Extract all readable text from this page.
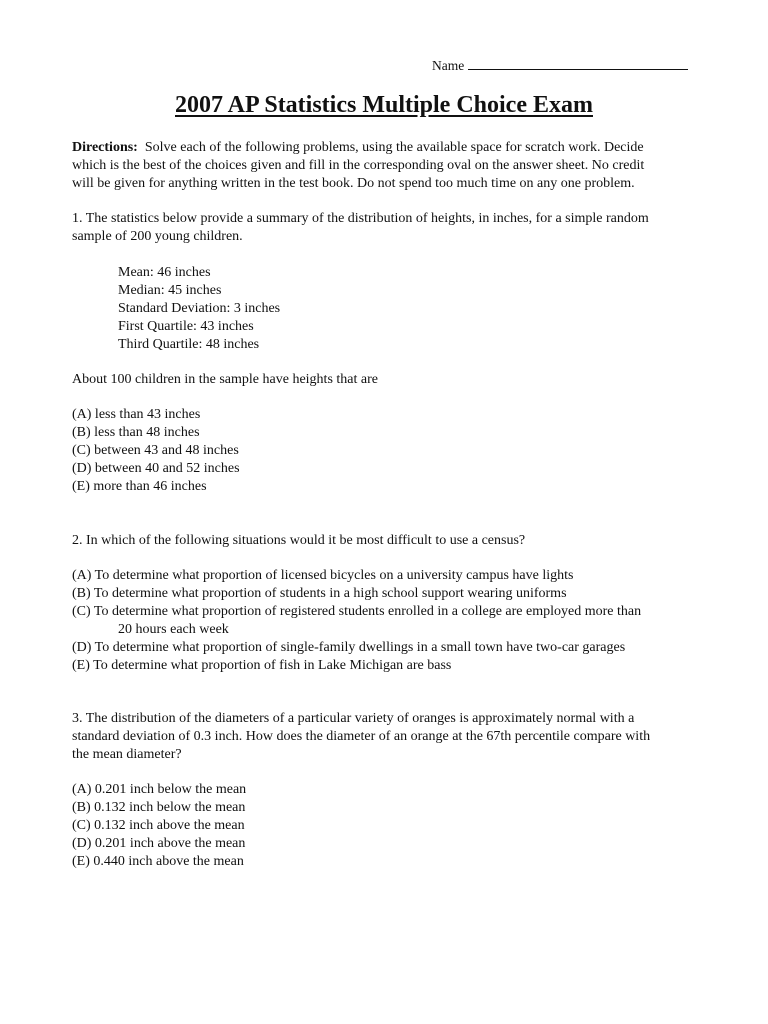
Name
2007 AP Statistics Multiple Choice Exam
Directions: Solve each of the following problems, using the available space for scratch work. Decide
which is the best of the choices given and fill in the corresponding oval on the answer sheet. No credit
will be given for anything written in the test book. Do not spend too much time on any one problem.
1. The statistics below provide a summary of the distribution of heights, in inches, for a simple random
sample of 200 young children.
Mean: 46 inches
Median: 45 inches
Standard Deviation: 3 inches
First Quartile: 43 inches
Third Quartile: 48 inches
About 100 children in the sample have heights that are
(A) less than 43 inches
(B) less than 48 inches
(C) between 43 and 48 inches
(D) between 40 and 52 inches
(E) more than 46 inches
2. In which of the following situations would it be most difficult to use a census?
(A) To determine what proportion of licensed bicycles on a university campus have lights
(B) To determine what proportion of students in a high school support wearing uniforms
(C) To determine what proportion of registered students enrolled in a college are employed more than
20 hours each week
(D) To determine what proportion of single-family dwellings in a small town have two-car garages
(E) To determine what proportion of fish in Lake Michigan are bass
3. The distribution of the diameters of a particular variety of oranges is approximately normal with a
standard deviation of 0.3 inch. How does the diameter of an orange at the 67th percentile compare with
the mean diameter?
(A) 0.201 inch below the mean
(B) 0.132 inch below the mean
(C) 0.132 inch above the mean
(D) 0.201 inch above the mean
(E) 0.440 inch above the mean
